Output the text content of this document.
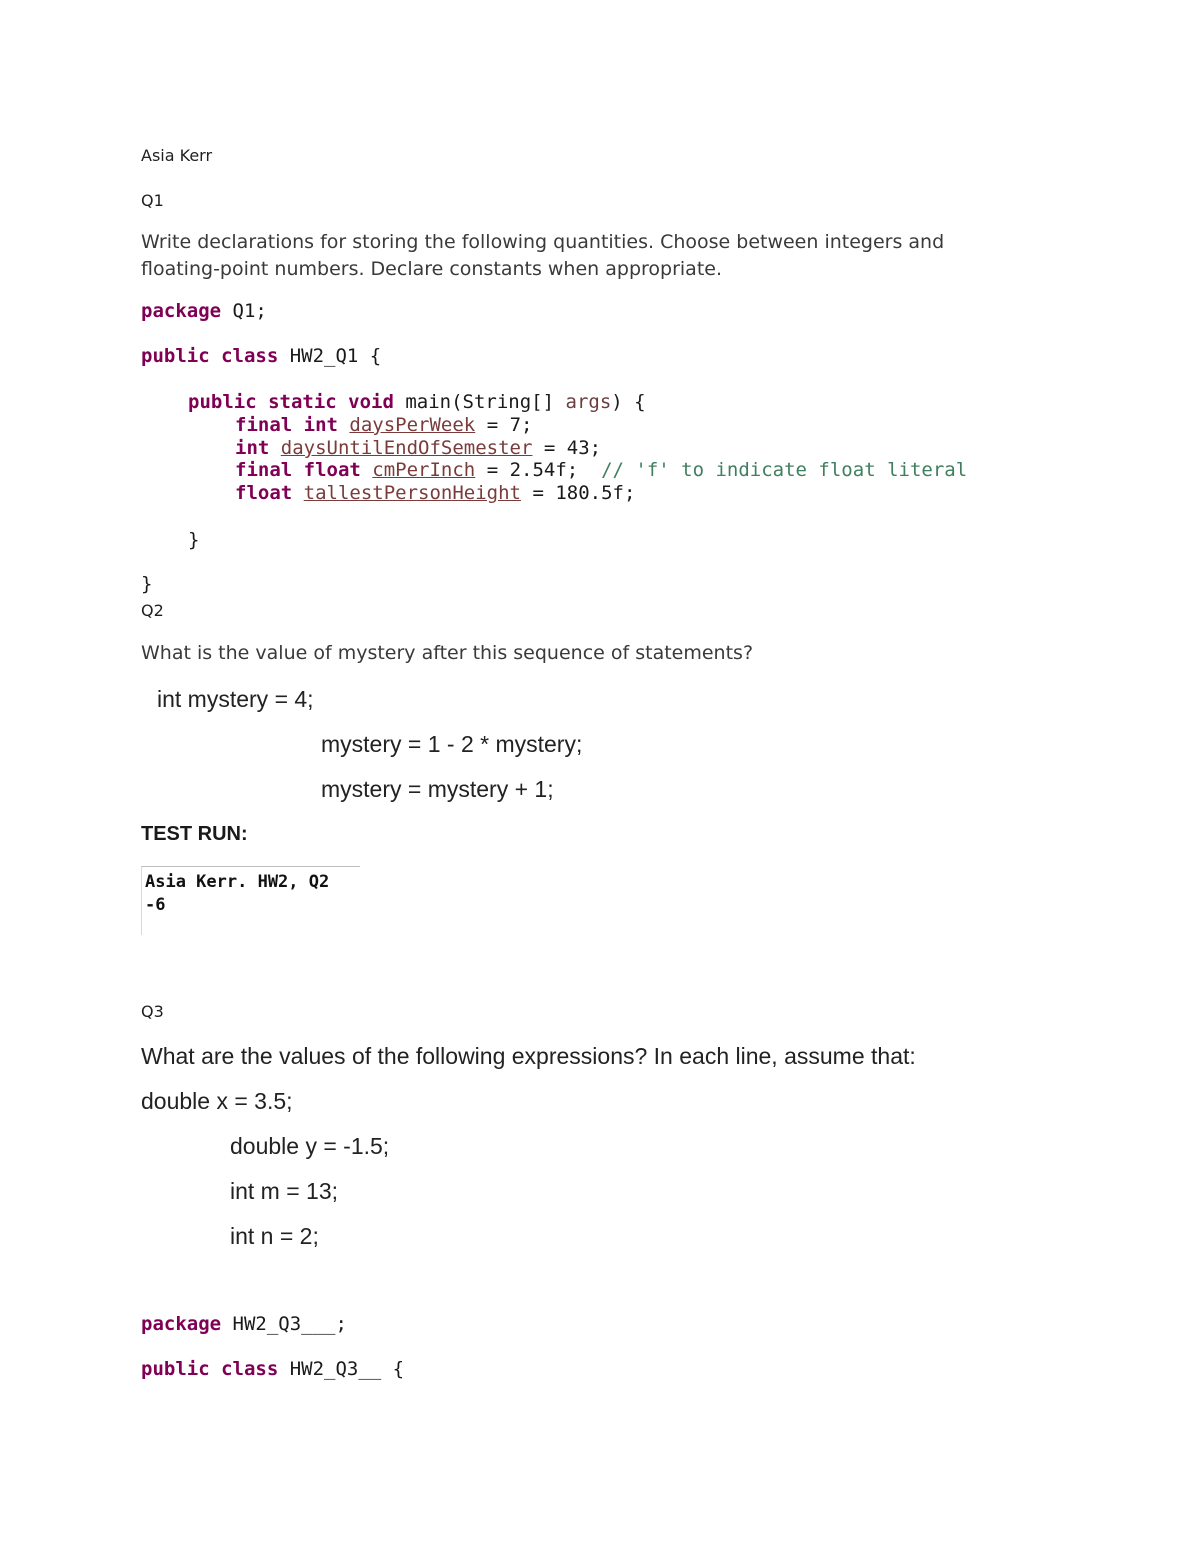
Asia Kerr
Q1
Write declarations for storing the following quantities. Choose between integers and
floating-point numbers. Declare constants when appropriate.
package Q1;
public class HW2_Q1 {
public static void main(String[] args) {
final int daysPerWeek = 7;
int daysUntilEndOfSemester = 43;
final float cmPerInch = 2.54f;  // 'f' to indicate float literal
float tallestPersonHeight = 180.5f;
}
}
Q2
What is the value of mystery after this sequence of statements?
int mystery = 4;
mystery = 1 - 2 * mystery;
mystery = mystery + 1;
TEST RUN:
Asia Kerr. HW2, Q2
-6
Q3
What are the values of the following expressions? In each line, assume that:
double x = 3.5;
double y = -1.5;
int m = 13;
int n = 2;
package HW2_Q3___;
public class HW2_Q3__ {
